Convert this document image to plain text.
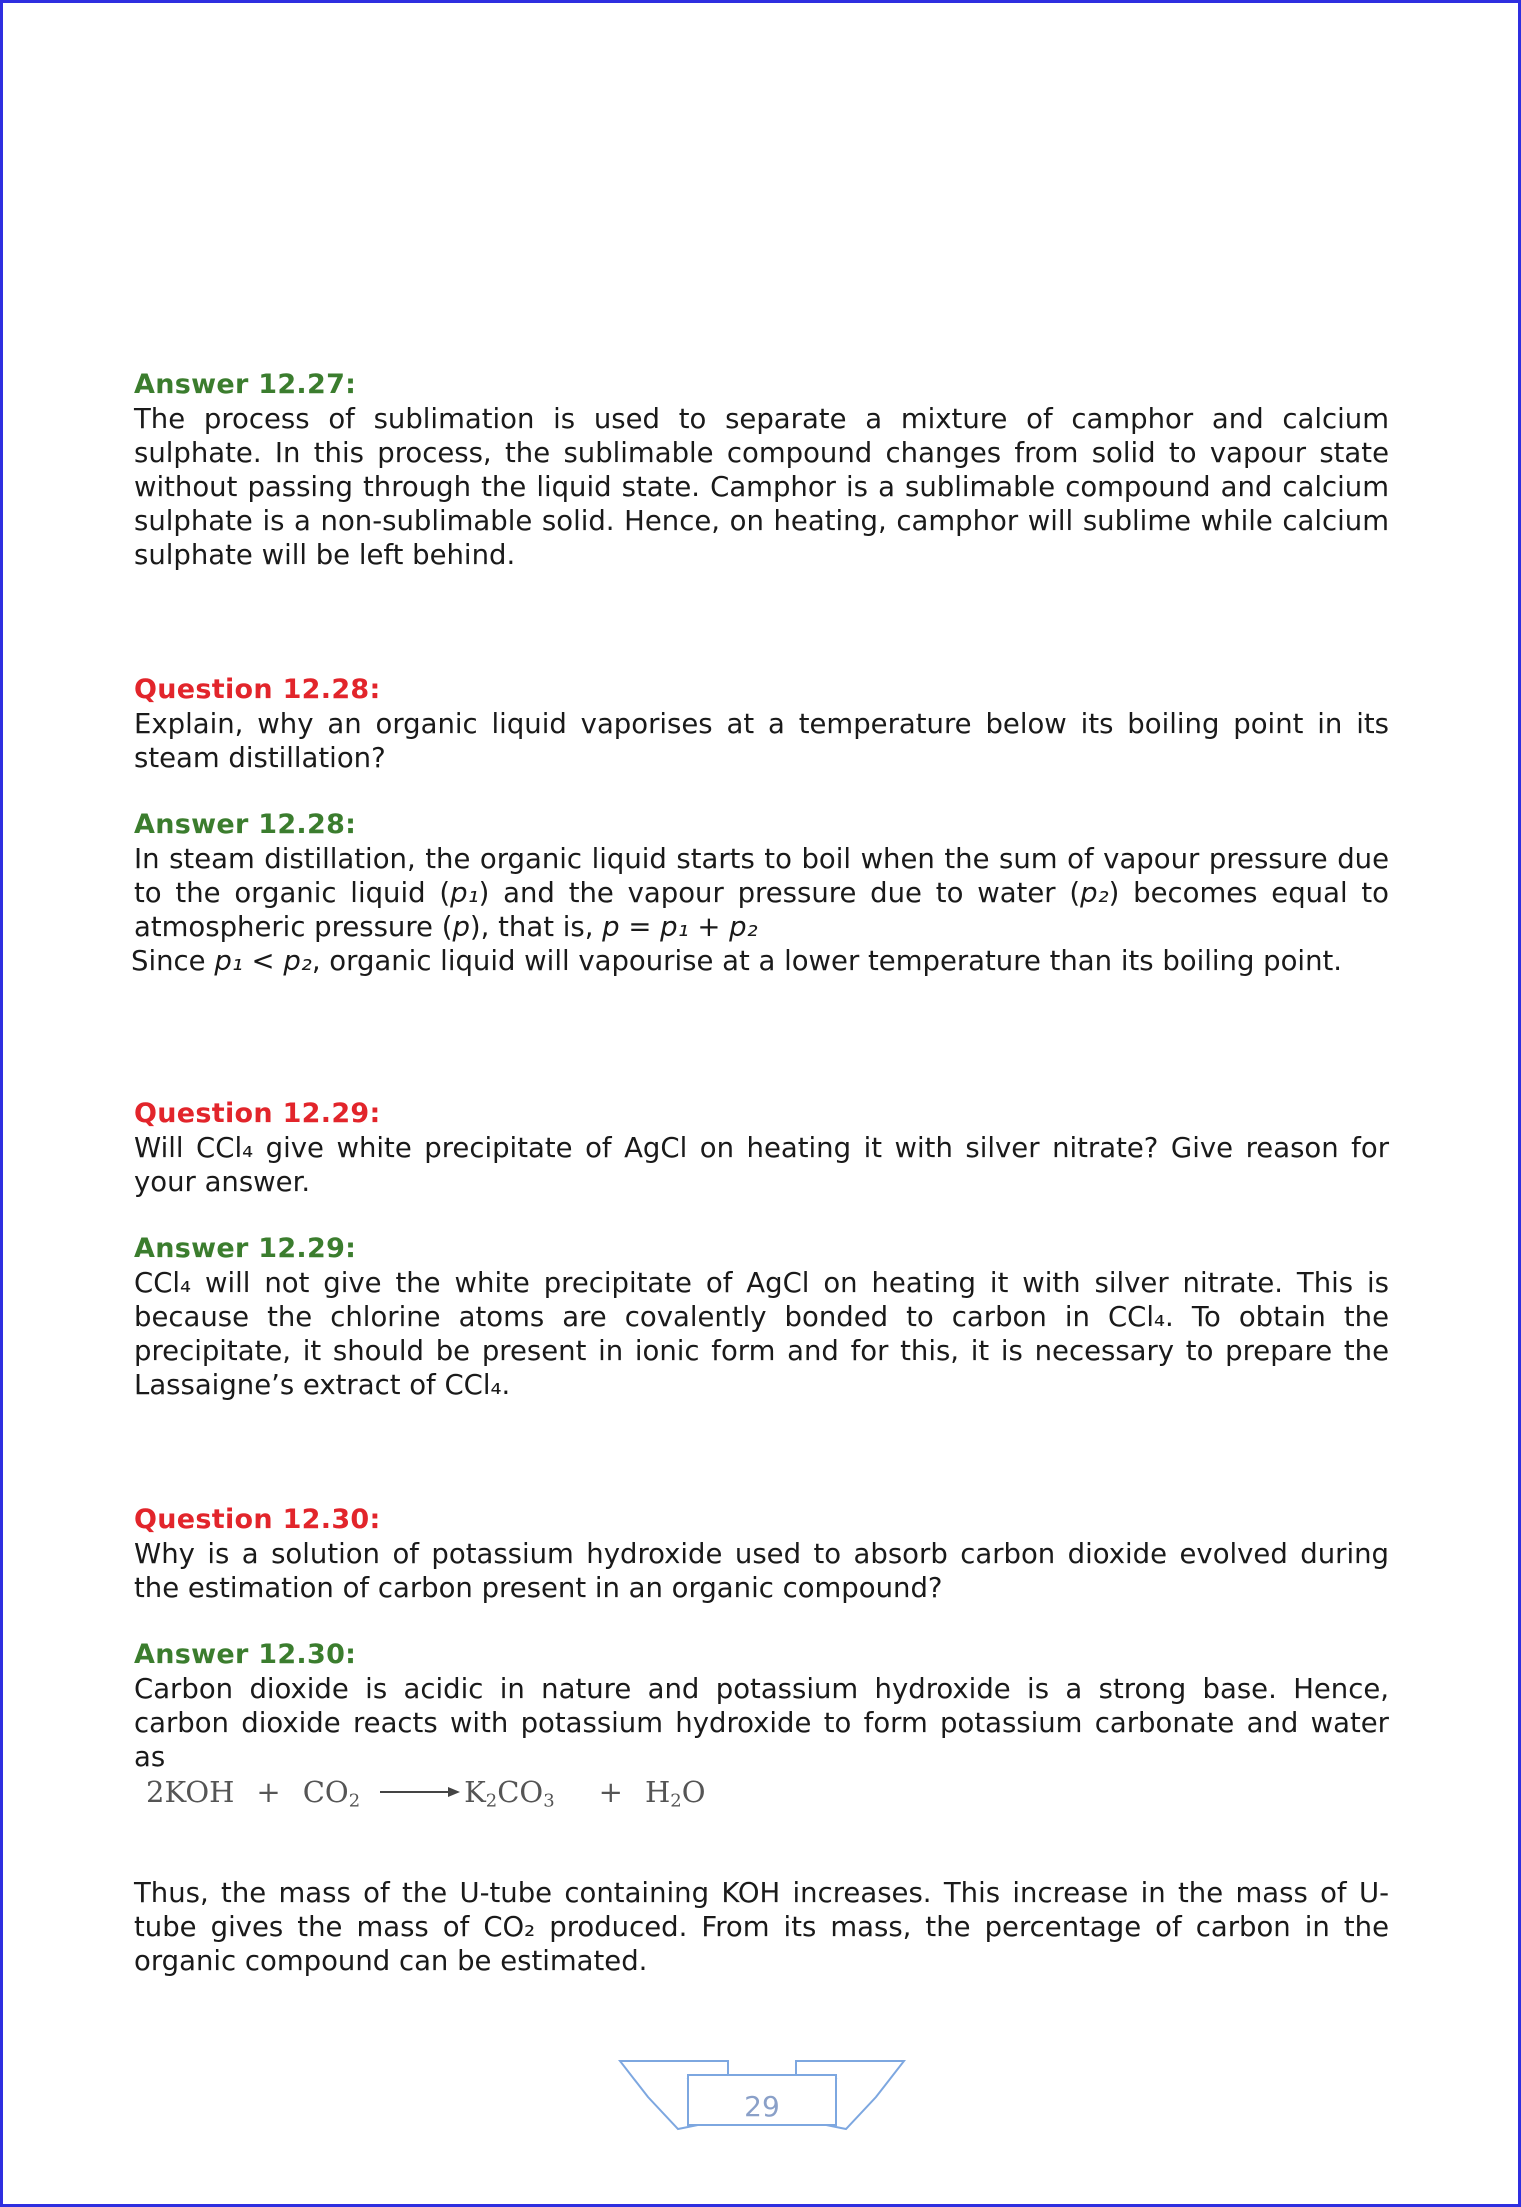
Answer 12.27:

The process of sublimation is used to separate a mixture of camphor and calcium sulphate. In this process, the sublimable compound changes from solid to vapour state without passing through the liquid state. Camphor is a sublimable compound and calcium sulphate is a non-sublimable solid. Hence, on heating, camphor will sublime while calcium sulphate will be left behind.

Question 12.28:

Explain, why an organic liquid vaporises at a temperature below its boiling point in its steam distillation?

Answer 12.28:

In steam distillation, the organic liquid starts to boil when the sum of vapour pressure due to the organic liquid (p₁) and the vapour pressure due to water (p₂) becomes equal to atmospheric pressure (p), that is, p = p₁ + p₂

Since p₁ < p₂, organic liquid will vapourise at a lower temperature than its boiling point.
Question 12.29:

Will CCl₄ give white precipitate of AgCl on heating it with silver nitrate? Give reason for your answer.

Answer 12.29:

CCl₄ will not give the white precipitate of AgCl on heating it with silver nitrate. This is because the chlorine atoms are covalently bonded to carbon in CCl₄. To obtain the precipitate, it should be present in ionic form and for this, it is necessary to prepare the Lassaigne’s extract of CCl₄.

Question 12.30:

Why is a solution of potassium hydroxide used to absorb carbon dioxide evolved during the estimation of carbon present in an organic compound?

Answer 12.30:

Carbon dioxide is acidic in nature and potassium hydroxide is a strong base. Hence, carbon dioxide reacts with potassium hydroxide to form potassium carbonate and water as

Thus, the mass of the U-tube containing KOH increases. This increase in the mass of U-tube gives the mass of CO₂ produced. From its mass, the percentage of carbon in the organic compound can be estimated.

$2KOH + CO_2 \to K_2CO_3 + H_2O$
29
